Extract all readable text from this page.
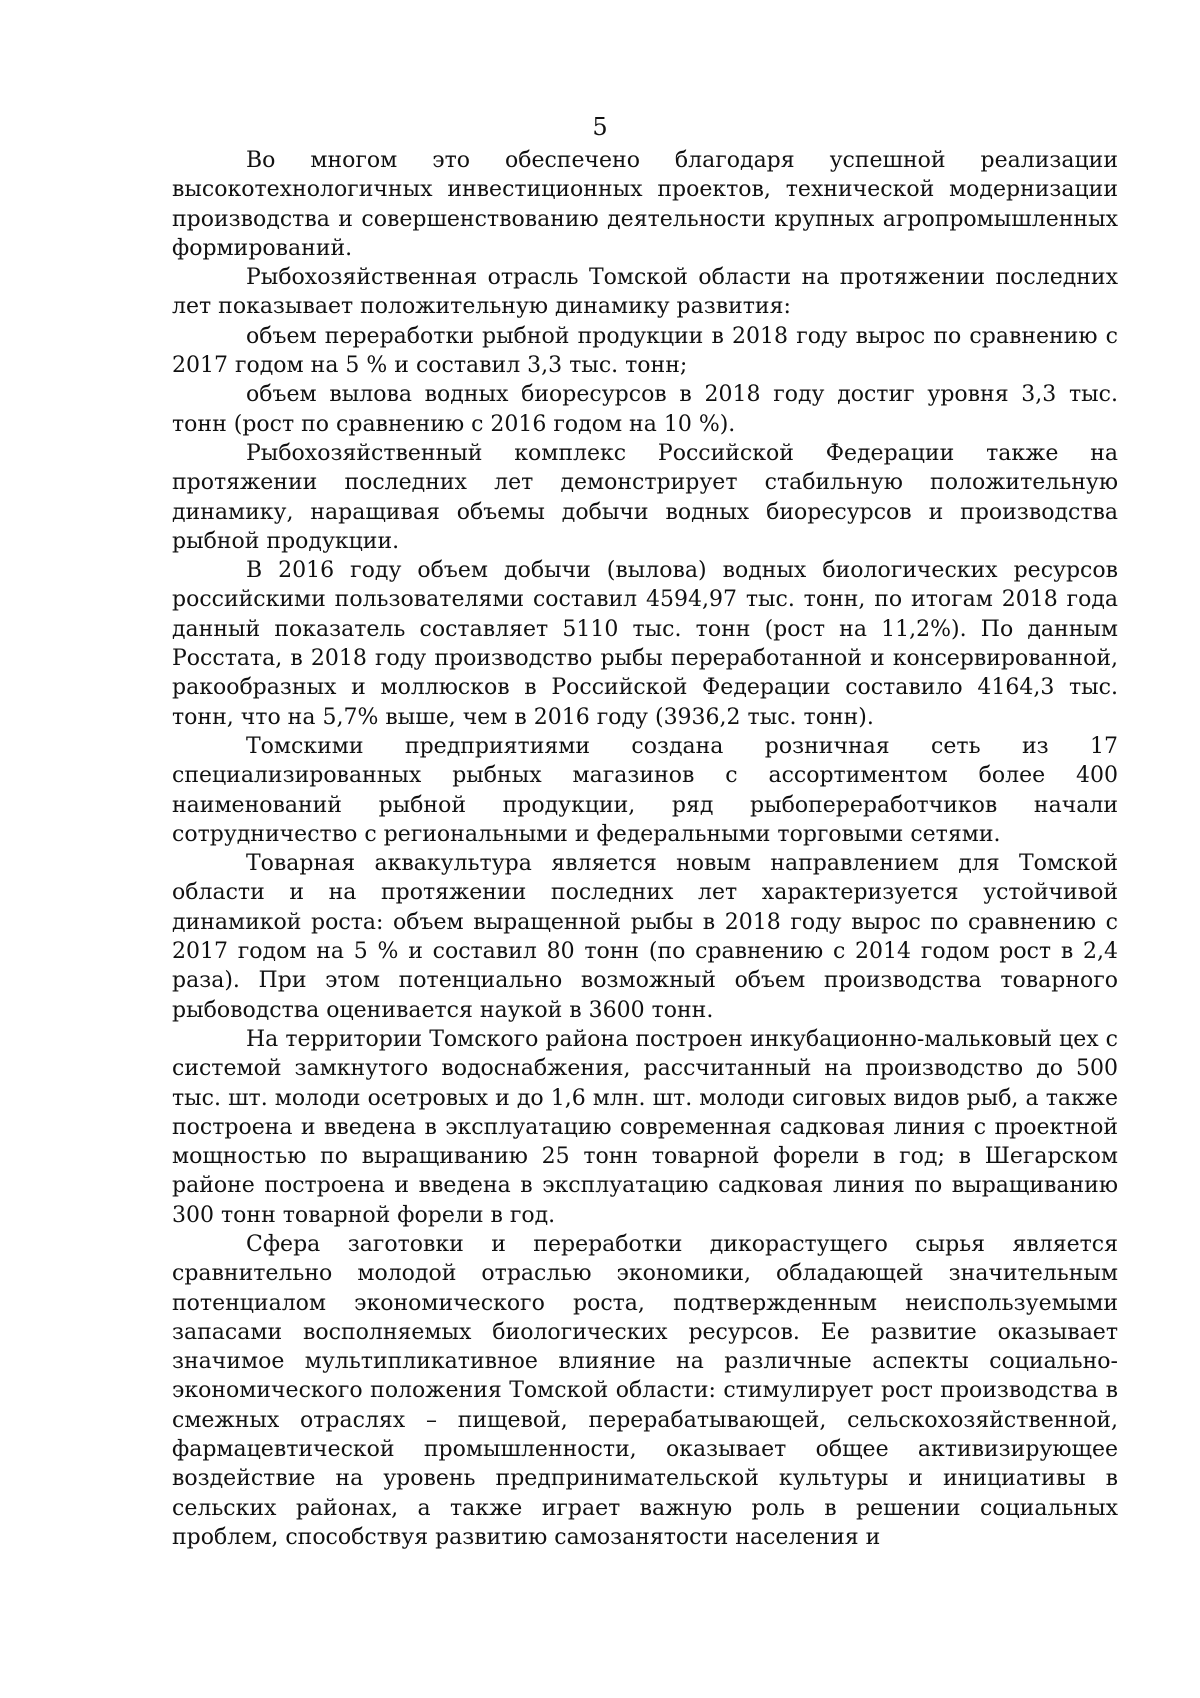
5

Во многом это обеспечено благодаря успешной реализации высокотехнологичных инвестиционных проектов, технической модернизации производства и совершенствованию деятельности крупных агропромышленных формирований.

Рыбохозяйственная отрасль Томской области на протяжении последних лет показывает положительную динамику развития:

объем переработки рыбной продукции в 2018 году вырос по сравнению с 2017 годом на 5 % и составил 3,3 тыс. тонн;

объем вылова водных биоресурсов в 2018 году достиг уровня 3,3 тыс. тонн (рост по сравнению с 2016 годом на 10 %).

Рыбохозяйственный комплекс Российской Федерации также на протяжении последних лет демонстрирует стабильную положительную динамику, наращивая объемы добычи водных биоресурсов и производства рыбной продукции.

В 2016 году объем добычи (вылова) водных биологических ресурсов российскими пользователями составил 4594,97 тыс. тонн, по итогам 2018 года данный показатель составляет 5110 тыс. тонн (рост на 11,2%). По данным Росстата, в 2018 году производство рыбы переработанной и консервированной, ракообразных и моллюсков в Российской Федерации составило 4164,3 тыс. тонн, что на 5,7% выше, чем в 2016 году (3936,2 тыс. тонн).

Томскими предприятиями создана розничная сеть из 17 специализированных рыбных магазинов с ассортиментом более 400 наименований рыбной продукции, ряд рыбопереработчиков начали сотрудничество с региональными и федеральными торговыми сетями.

Товарная аквакультура является новым направлением для Томской области и на протяжении последних лет характеризуется устойчивой динамикой роста: объем выращенной рыбы в 2018 году вырос по сравнению с 2017 годом на 5 % и составил 80 тонн (по сравнению с 2014 годом рост в 2,4 раза). При этом потенциально возможный объем производства товарного рыбоводства оценивается наукой в 3600 тонн.

На территории Томского района построен инкубационно-мальковый цех с системой замкнутого водоснабжения, рассчитанный на производство до 500 тыс. шт. молоди осетровых и до 1,6 млн. шт. молоди сиговых видов рыб, а также построена и введена в эксплуатацию современная садковая линия с проектной мощностью по выращиванию 25 тонн товарной форели в год; в Шегарском районе построена и введена в эксплуатацию садковая линия по выращиванию 300 тонн товарной форели в год.

Сфера заготовки и переработки дикорастущего сырья является сравнительно молодой отраслью экономики, обладающей значительным потенциалом экономического роста, подтвержденным неиспользуемыми запасами восполняемых биологических ресурсов. Ее развитие оказывает значимое мультипликативное влияние на различные аспекты социально-экономического положения Томской области: стимулирует рост производства в смежных отраслях – пищевой, перерабатывающей, сельскохозяйственной, фармацевтической промышленности, оказывает общее активизирующее воздействие на уровень предпринимательской культуры и инициативы в сельских районах, а также играет важную роль в решении социальных проблем, способствуя развитию самозанятости населения и
